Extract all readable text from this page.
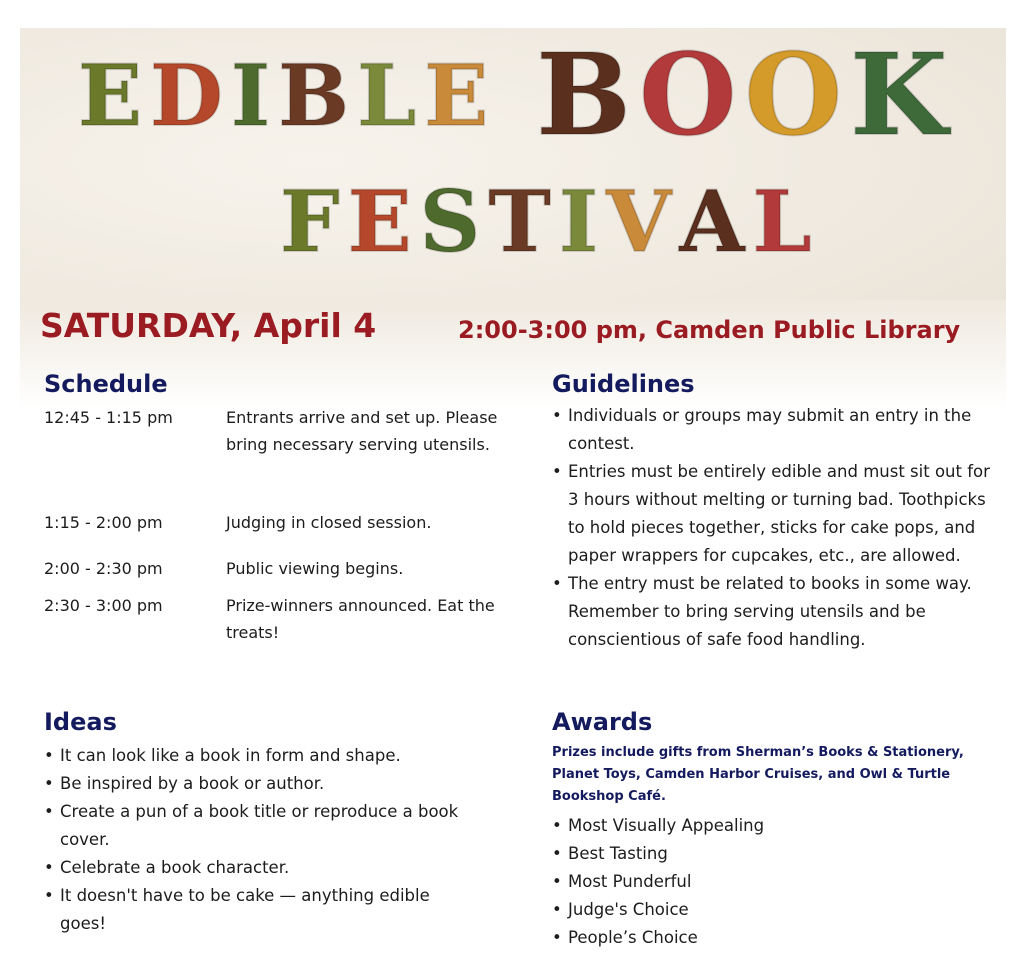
E D I B L E B O O K
F E S T I V A L
SATURDAY, April 4	2:00-3:00 pm, Camden Public Library
Schedule
12:45 - 1:15 pm	Entrants arrive and set up. Please bring necessary serving utensils.
1:15 - 2:00 pm	Judging in closed session.
2:00 - 2:30 pm	Public viewing begins.
2:30 - 3:00 pm	Prize-winners announced. Eat the treats!
Guidelines
• Individuals or groups may submit an entry in the contest.
• Entries must be entirely edible and must sit out for 3 hours without melting or turning bad. Toothpicks to hold pieces together, sticks for cake pops, and paper wrappers for cupcakes, etc., are allowed.
• The entry must be related to books in some way. Remember to bring serving utensils and be conscientious of safe food handling.
Ideas
• It can look like a book in form and shape.
• Be inspired by a book or author.
• Create a pun of a book title or reproduce a book cover.
• Celebrate a book character.
• It doesn't have to be cake — anything edible goes!
Awards
Prizes include gifts from Sherman’s Books & Stationery, Planet Toys, Camden Harbor Cruises, and Owl & Turtle Bookshop Café.
• Most Visually Appealing
• Best Tasting
• Most Punderful
• Judge's Choice
• People’s Choice
